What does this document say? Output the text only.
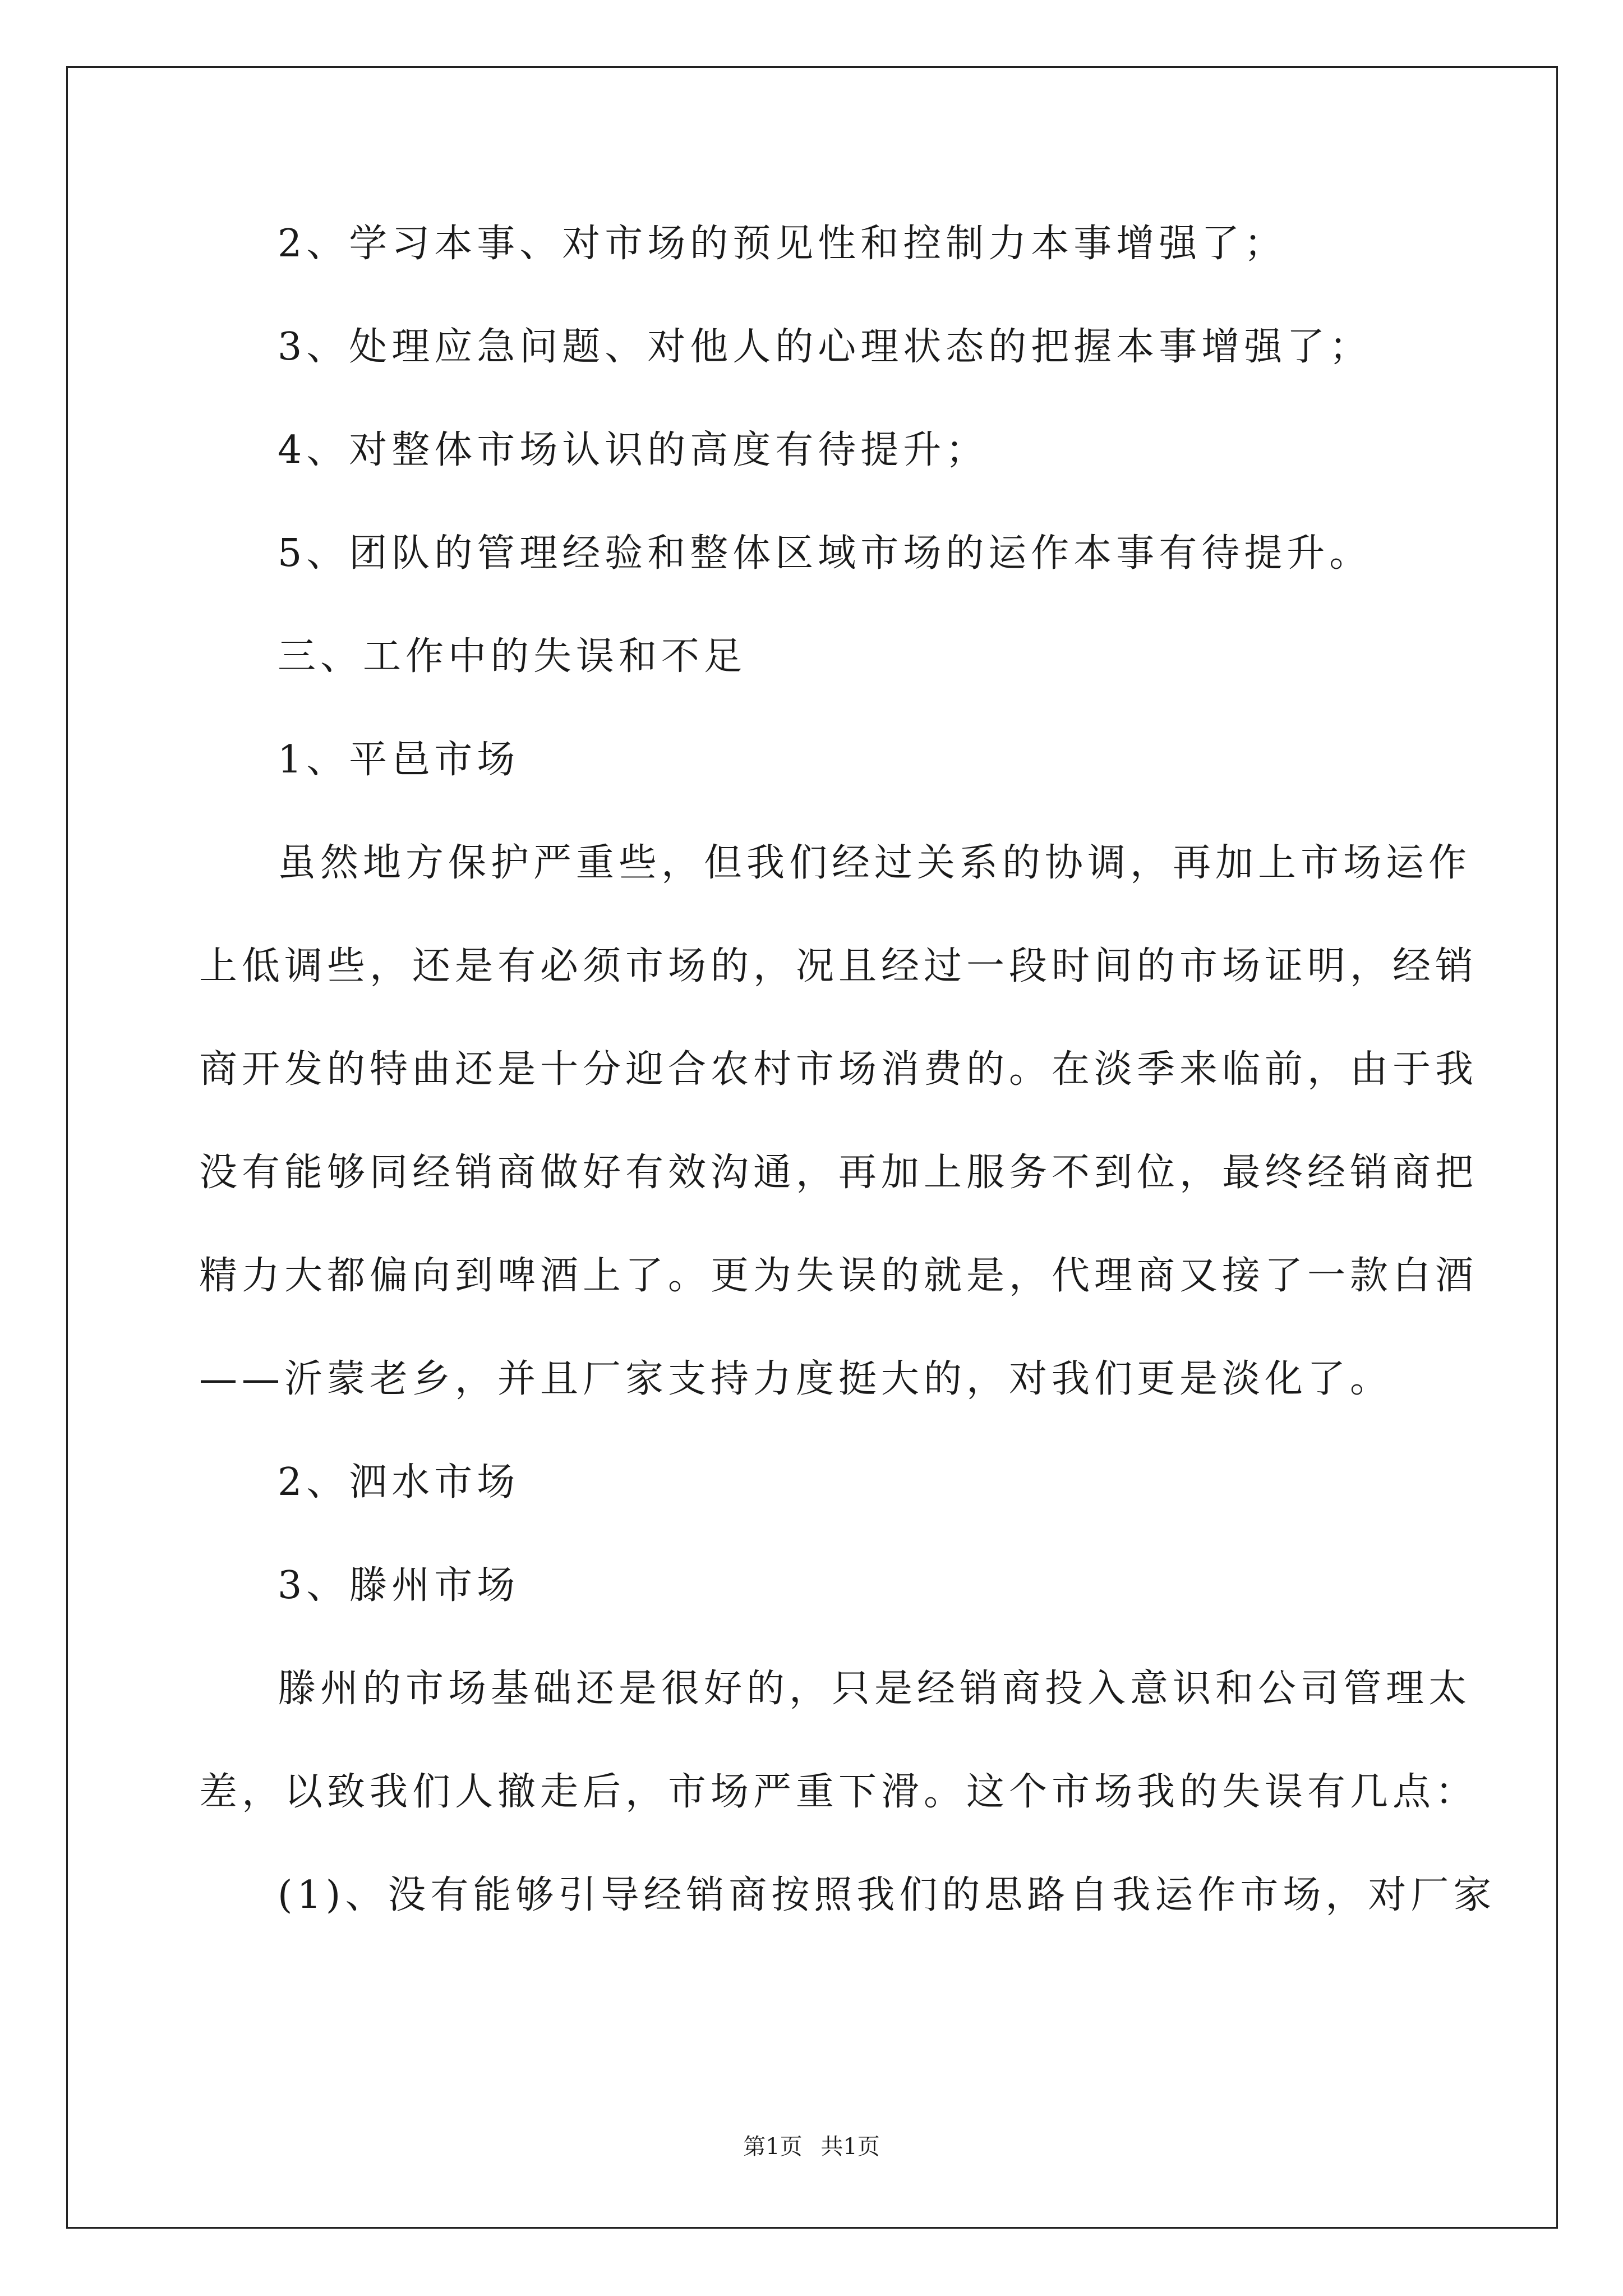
2、学习本事、对市场的预见性和控制力本事增强了；
3、处理应急问题、对他人的心理状态的把握本事增强了；
4、对整体市场认识的高度有待提升；
5、团队的管理经验和整体区域市场的运作本事有待提升。
三、工作中的失误和不足
1、平邑市场
虽然地方保护严重些，但我们经过关系的协调，再加上市场运作
上低调些，还是有必须市场的，况且经过一段时间的市场证明，经销
商开发的特曲还是十分迎合农村市场消费的。在淡季来临前，由于我
没有能够同经销商做好有效沟通，再加上服务不到位，最终经销商把
精力大都偏向到啤酒上了。更为失误的就是，代理商又接了一款白酒
——沂蒙老乡，并且厂家支持力度挺大的，对我们更是淡化了。
2、泗水市场
3、滕州市场
滕州的市场基础还是很好的，只是经销商投入意识和公司管理太
差，以致我们人撤走后，市场严重下滑。这个市场我的失误有几点：
(1)、没有能够引导经销商按照我们的思路自我运作市场，对厂家
第1页 共1页
